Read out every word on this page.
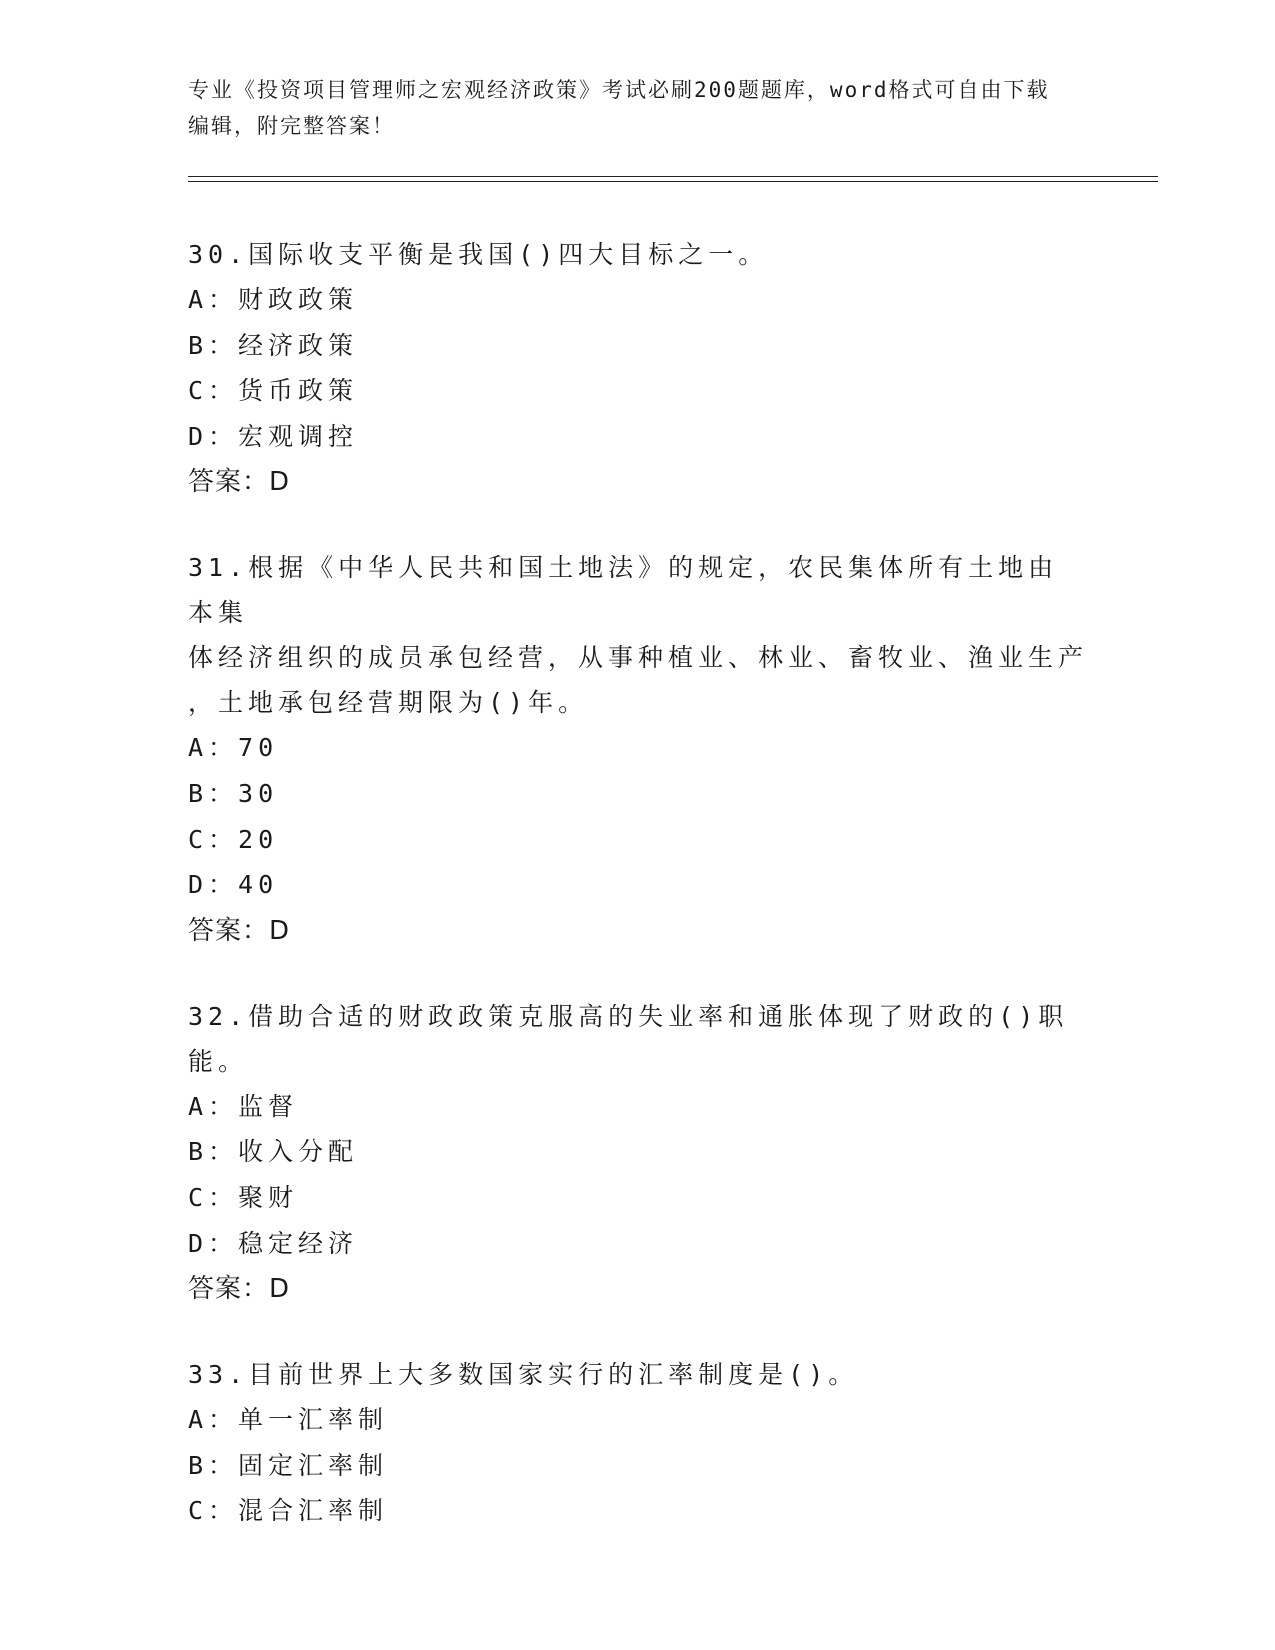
专业《投资项目管理师之宏观经济政策》考试必刷200题题库，word格式可自由下载编辑，附完整答案！

30.国际收支平衡是我国()四大目标之一。

A：财政政策

B：经济政策

C：货币政策

D：宏观调控

答案：D

31.根据《中华人民共和国土地法》的规定，农民集体所有土地由本集

体经济组织的成员承包经营，从事种植业、林业、畜牧业、渔业生产

，土地承包经营期限为()年。

A：70

B：30

C：20

D：40

答案：D

32.借助合适的财政政策克服高的失业率和通胀体现了财政的()职能。

A：监督

B：收入分配

C：聚财

D：稳定经济

答案：D

33.目前世界上大多数国家实行的汇率制度是()。

A：单一汇率制

B：固定汇率制

C：混合汇率制
